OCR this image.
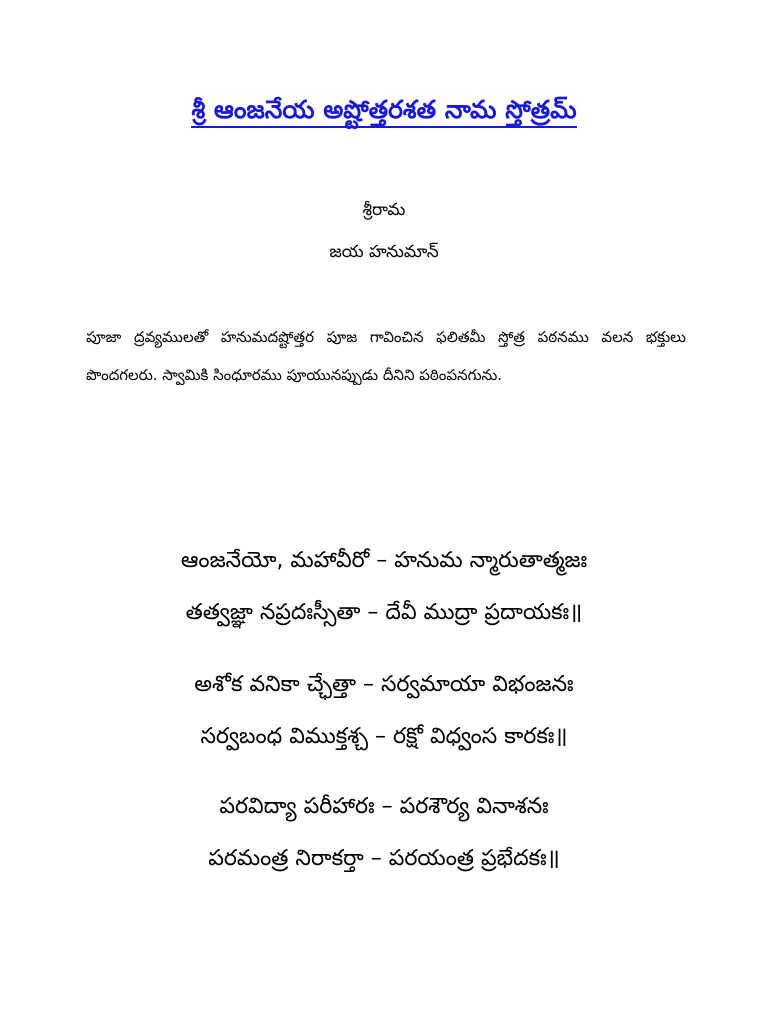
శ్రీ ఆంజనేయ అష్టోత్తరశత నామ స్తోత్రమ్
శ్రీరామ
జయ హనుమాన్
పూజా ద్రవ్యములతో హనుమదష్టోత్తర పూజ గావించిన ఫలితమీ స్తోత్ర పఠనము వలన భక్తులు పొందగలరు. స్వామికి సింధూరము పూయునప్పుడు దీనిని పఠింపనగును.
ఆంజనేయో, మహావీరో – హనుమ న్మారుతాత్మజః
తత్వజ్ఞా నప్రదఃస్సీతా – దేవీ ముద్రా ప్రదాయకః॥
అశోక వనికా చ్ఛేత్తా – సర్వమాయా విభంజనః
సర్వబంధ విముక్తశ్చ – రక్షో విధ్వంస కారకః॥
పరవిద్యా పరీహారః – పరశౌర్య వినాశనః
పరమంత్ర నిరాకర్తా – పరయంత్ర ప్రభేదకః॥
